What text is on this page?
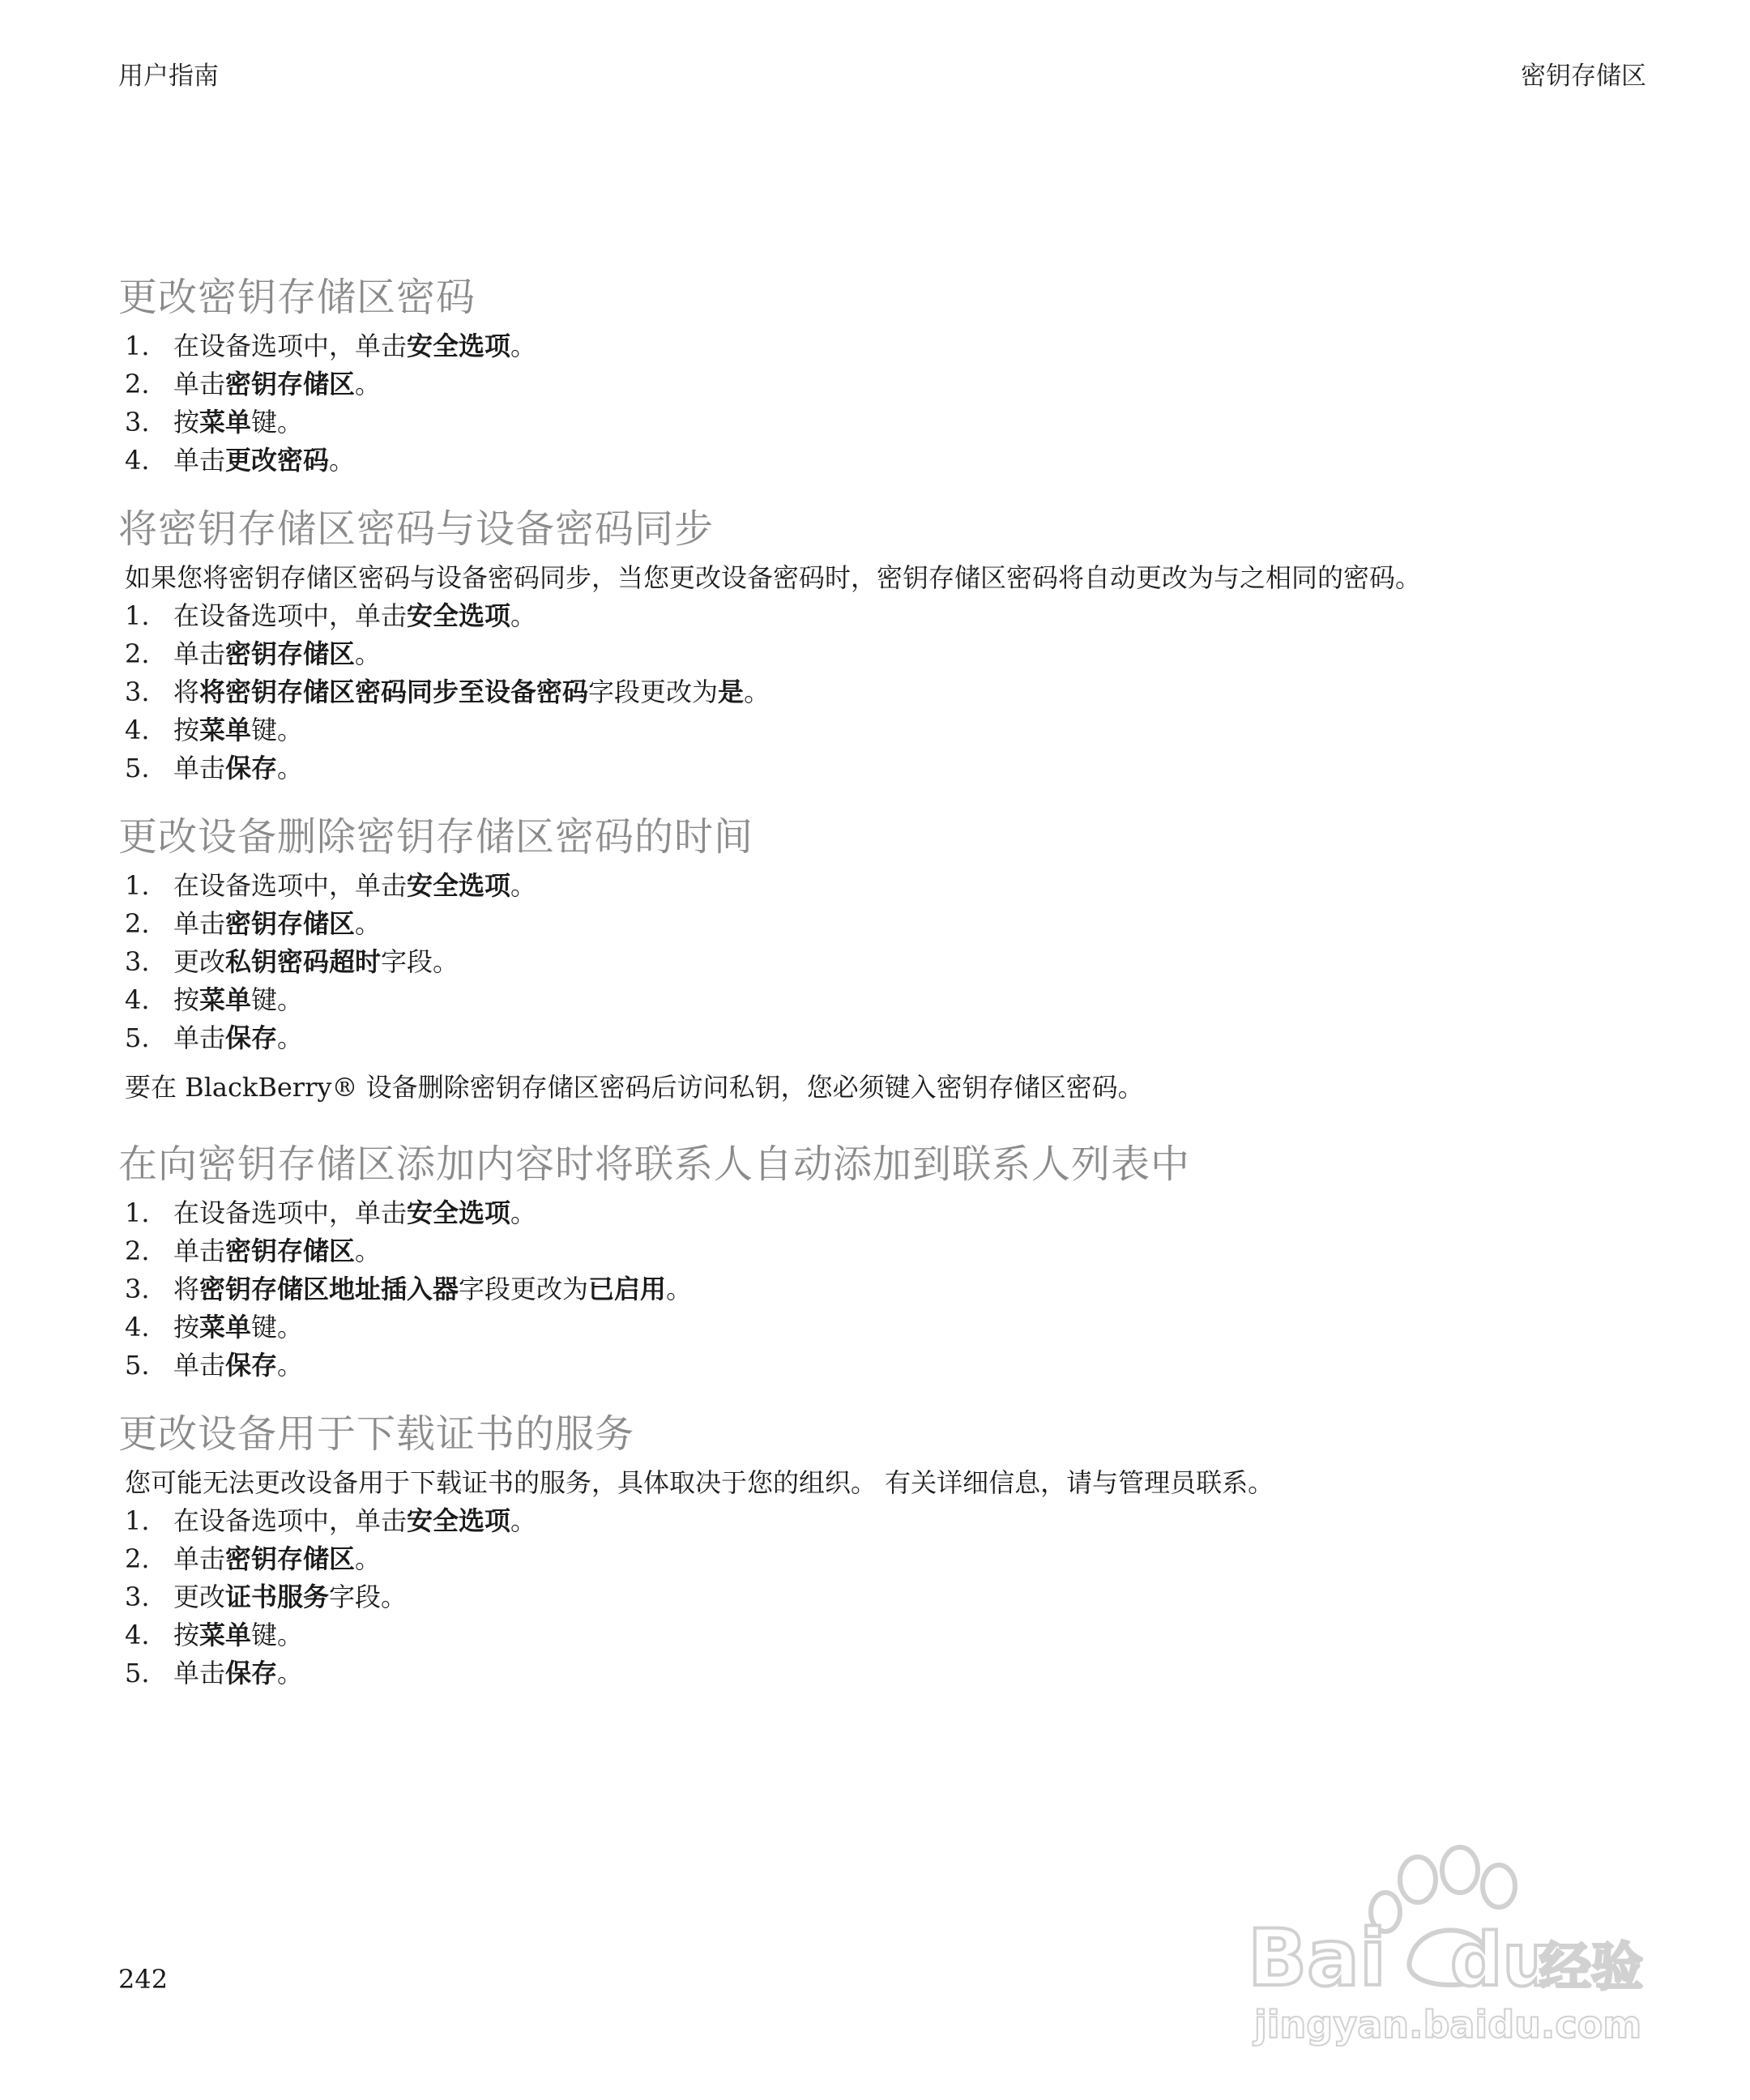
用户指南	密钥存储区
更改密钥存储区密码
1. 在设备选项中，单击安全选项。
2. 单击密钥存储区。
3. 按菜单键。
4. 单击更改密码。
将密钥存储区密码与设备密码同步

如果您将密钥存储区密码与设备密码同步，当您更改设备密码时，密钥存储区密码将自动更改为与之相同的密码。

1. 在设备选项中，单击安全选项。
2. 单击密钥存储区。
3. 将将密钥存储区密码同步至设备密码字段更改为是。
4. 按菜单键。
5. 单击保存。
更改设备删除密钥存储区密码的时间
1. 在设备选项中，单击安全选项。
2. 单击密钥存储区。
3. 更改私钥密码超时字段。
4. 按菜单键。
5. 单击保存。

要在 BlackBerry® 设备删除密钥存储区密码后访问私钥，您必须键入密钥存储区密码。

在向密钥存储区添加内容时将联系人自动添加到联系人列表中
1. 在设备选项中，单击安全选项。
2. 单击密钥存储区。
3. 将密钥存储区地址插入器字段更改为已启用。
4. 按菜单键。
5. 单击保存。
更改设备用于下载证书的服务

您可能无法更改设备用于下载证书的服务，具体取决于您的组织。 有关详细信息，请与管理员联系。

1. 在设备选项中，单击安全选项。
2. 单击密钥存储区。
3. 更改证书服务字段。
4. 按菜单键。
5. 单击保存。
242	Bai du
经验
jingyan.baidu.com
